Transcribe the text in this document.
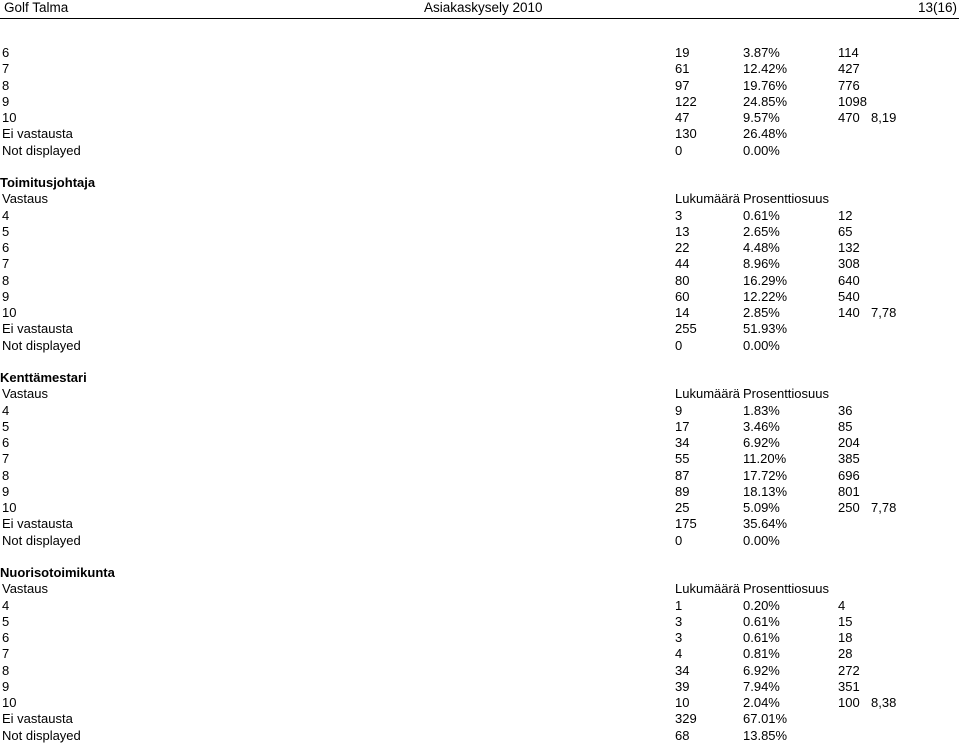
Golf Talma	Asiakaskysely 2010	13(16)
6	19	3.87%	114
7	61	12.42%	427
8	97	19.76%	776
9	122	24.85%	1098
10	47	9.57%	470 8,19
Ei vastausta	130	26.48%
Not displayed	0	0.00%
Toimitusjohtaja
Vastaus	Lukumäärä Prosenttiosuus
4	3	0.61%	12
5	13	2.65%	65
6	22	4.48%	132
7	44	8.96%	308
8	80	16.29%	640
9	60	12.22%	540
10	14	2.85%	140 7,78
Ei vastausta	255	51.93%
Not displayed	0	0.00%
Kenttämestari
Vastaus	Lukumäärä Prosenttiosuus
4	9	1.83%	36
5	17	3.46%	85
6	34	6.92%	204
7	55	11.20%	385
8	87	17.72%	696
9	89	18.13%	801
10	25	5.09%	250 7,78
Ei vastausta	175	35.64%
Not displayed	0	0.00%
Nuorisotoimikunta
Vastaus	Lukumäärä Prosenttiosuus
4	1	0.20%	4
5	3	0.61%	15
6	3	0.61%	18
7	4	0.81%	28
8	34	6.92%	272
9	39	7.94%	351
10	10	2.04%	100 8,38
Ei vastausta	329	67.01%
Not displayed	68	13.85%
